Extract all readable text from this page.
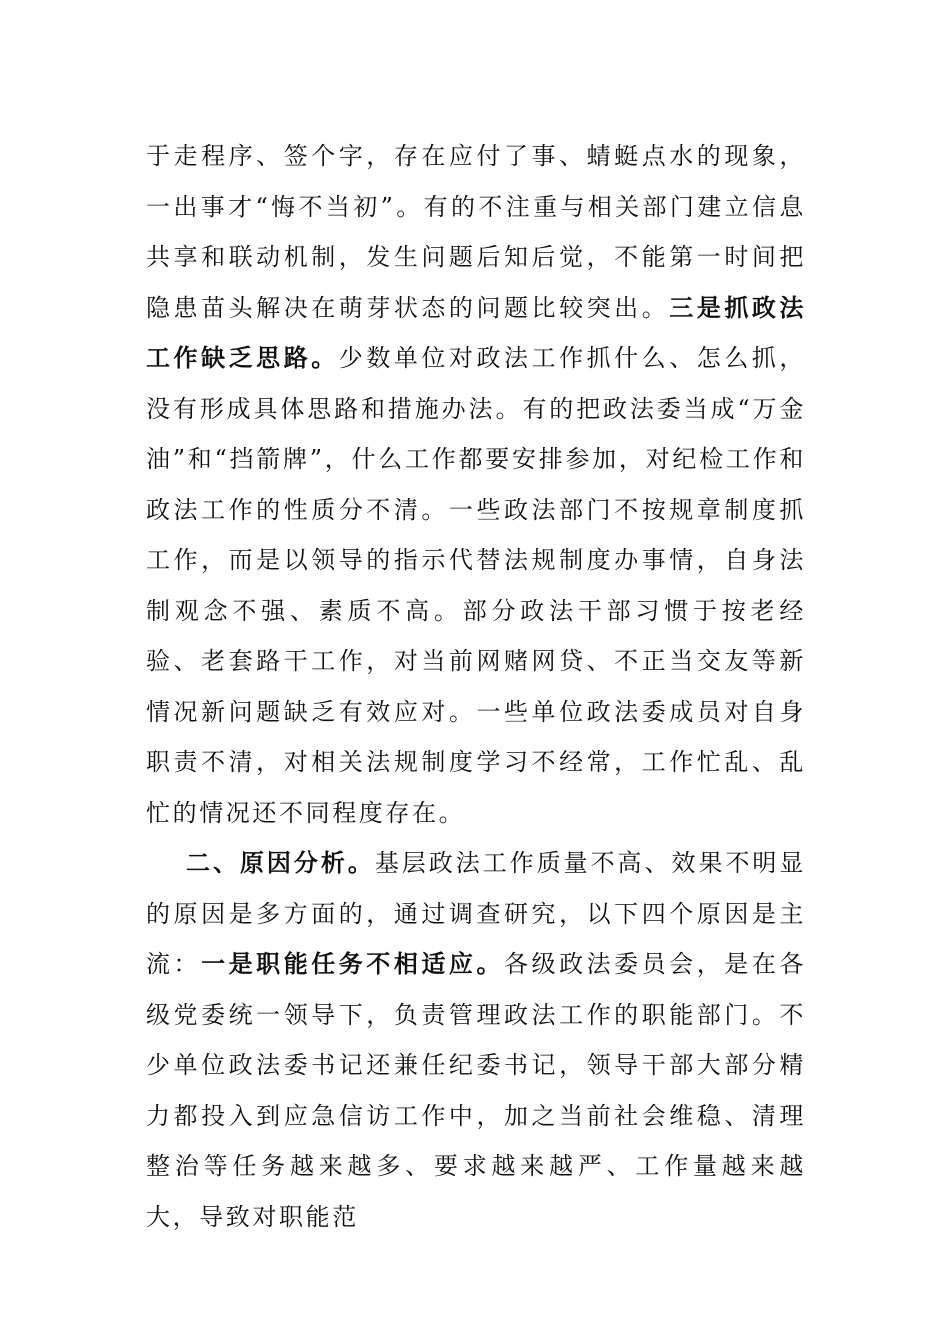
于走程序、签个字，存在应付了事、蜻蜓点水的现象，一出事才“悔不当初”。有的不注重与相关部门建立信息共享和联动机制，发生问题后知后觉，不能第一时间把隐患苗头解决在萌芽状态的问题比较突出。三是抓政法工作缺乏思路。少数单位对政法工作抓什么、怎么抓，没有形成具体思路和措施办法。有的把政法委当成“万金油”和“挡箭牌”，什么工作都要安排参加，对纪检工作和政法工作的性质分不清。一些政法部门不按规章制度抓工作，而是以领导的指示代替法规制度办事情，自身法制观念不强、素质不高。部分政法干部习惯于按老经验、老套路干工作，对当前网赌网贷、不正当交友等新情况新问题缺乏有效应对。一些单位政法委成员对自身职责不清，对相关法规制度学习不经常，工作忙乱、乱忙的情况还不同程度存在。

二、原因分析。基层政法工作质量不高、效果不明显的原因是多方面的，通过调查研究，以下四个原因是主流：一是职能任务不相适应。各级政法委员会，是在各级党委统一领导下，负责管理政法工作的职能部门。不少单位政法委书记还兼任纪委书记，领导干部大部分精力都投入到应急信访工作中，加之当前社会维稳、清理整治等任务越来越多、要求越来越严、工作量越来越大，导致对职能范
